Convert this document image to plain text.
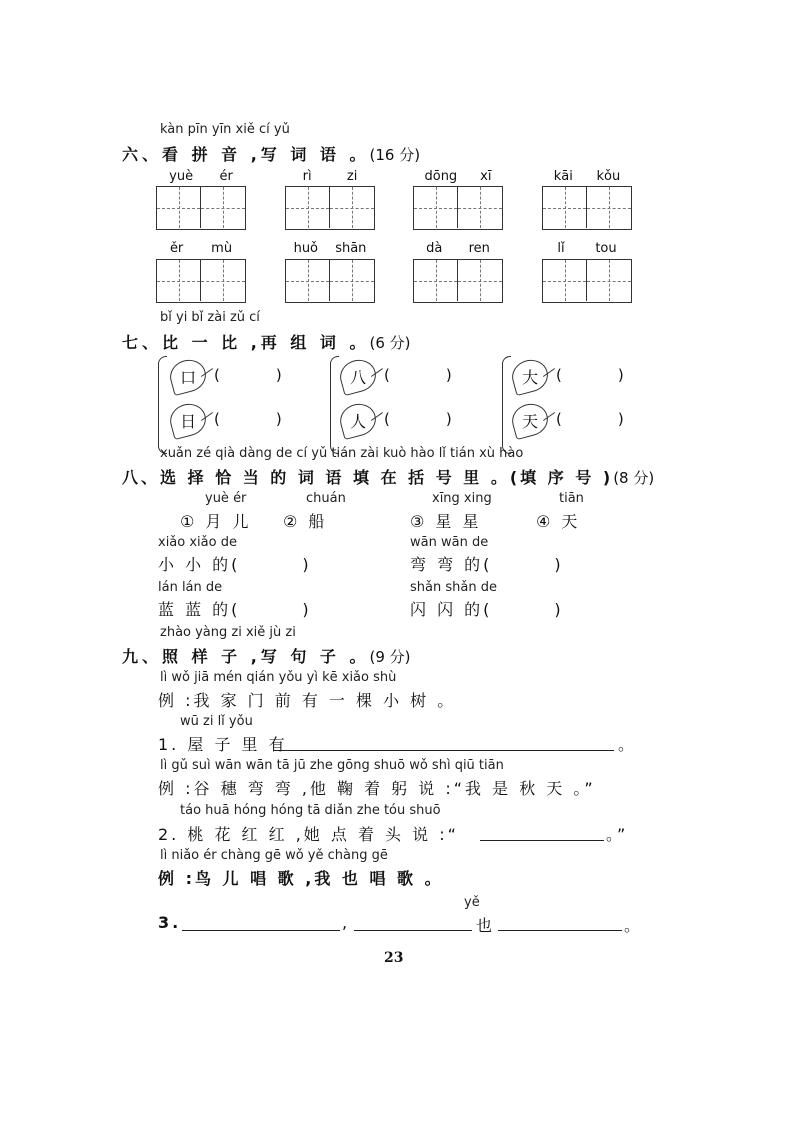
kàn pīn yīn xiě cí yǔ
六、看 拼 音 ,写 词 语 。(16 分)
yuè ér	rì	zi	dōng xī	kāi kǒu
ěr mù	huǒ shān	dà ren	lǐ tou
bǐ yi bǐ zài zǔ cí
七、比 一 比 ,再 组 词 。(6 分)
口 (	)
日 (	)
八 (	)
人 (	)
大 (	)
天 (	)
xuǎn zé qià dàng de cí yǔ tián zài kuò hào lǐ tián xù hào
八、选 择 恰 当 的 词 语 填 在 括 号 里 。(填 序 号 )(8 分)
yuè ér	chuán	xīng xing	tiān
① 月 儿 ② 船	③ 星 星	④ 天
xiǎo xiǎo de
小 小 的(	)
wān wān de
弯 弯 的(	)
lán lán de
蓝 蓝 的(	)
shǎn shǎn de
闪 闪 的(	)
zhào yàng zi xiě jù zi
九、照 样 子 ,写 句 子 。(9 分)
lì wǒ jiā mén qián yǒu yì kē xiǎo shù
例 :我 家 门 前 有 一 棵 小 树 。
wū zi lǐ yǒu
1. 屋 子 里 有	。
lì gǔ suì wān wān tā jū zhe gōng shuō wǒ shì qiū tiān
例 :谷 穗 弯 弯 ,他 鞠 着 躬 说 :“我 是 秋 天 。”
táo huā hóng hóng tā diǎn zhe tóu shuō
2. 桃 花 红 红 ,她 点 着 头 说 :“	。”
lì niǎo ér chàng gē wǒ yě chàng gē
例 :鸟 儿 唱 歌 ,我 也 唱 歌 。
yě
3.	,	也	。
23
